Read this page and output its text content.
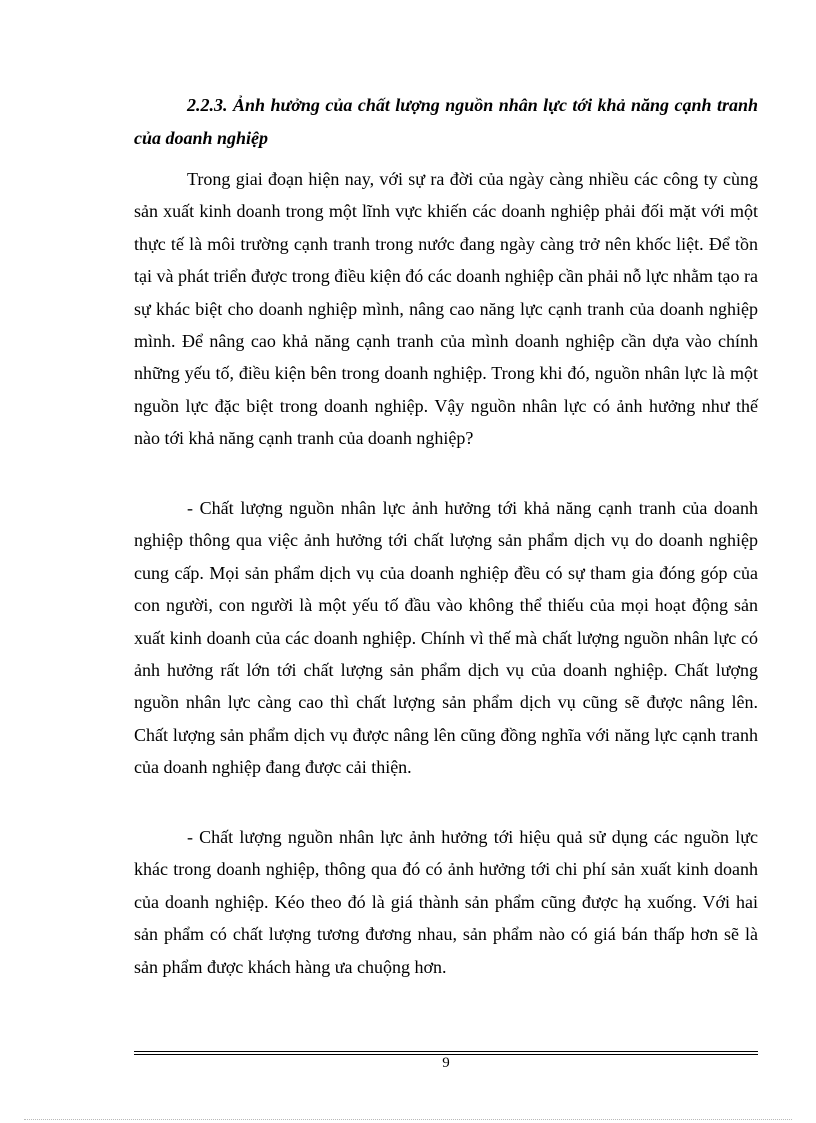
2.2.3. Ảnh hưởng của chất lượng nguồn nhân lực tới khả năng cạnh tranh của doanh nghiệp

Trong giai đoạn hiện nay, với sự ra đời của ngày càng nhiều các công ty cùng sản xuất kinh doanh trong một lĩnh vực khiến các doanh nghiệp phải đối mặt với một thực tế là môi trường cạnh tranh trong nước đang ngày càng trở nên khốc liệt. Để tồn tại và phát triển được trong điều kiện đó các doanh nghiệp cần phải nỗ lực nhằm tạo ra sự khác biệt cho doanh nghiệp mình, nâng cao năng lực cạnh tranh của doanh nghiệp mình. Để nâng cao khả năng cạnh tranh của mình doanh nghiệp cần dựa vào chính những yếu tố, điều kiện bên trong doanh nghiệp. Trong khi đó, nguồn nhân lực là một nguồn lực đặc biệt trong doanh nghiệp. Vậy nguồn nhân lực có ảnh hưởng như thế nào tới khả năng cạnh tranh của doanh nghiệp?

- Chất lượng nguồn nhân lực ảnh hưởng tới khả năng cạnh tranh của doanh nghiệp thông qua việc ảnh hưởng tới chất lượng sản phẩm dịch vụ do doanh nghiệp cung cấp. Mọi sản phẩm dịch vụ của doanh nghiệp đều có sự tham gia đóng góp của con người, con người là một yếu tố đầu vào không thể thiếu của mọi hoạt động sản xuất kinh doanh của các doanh nghiệp. Chính vì thế mà chất lượng nguồn nhân lực có ảnh hưởng rất lớn tới chất lượng sản phẩm dịch vụ của doanh nghiệp. Chất lượng nguồn nhân lực càng cao thì chất lượng sản phẩm dịch vụ cũng sẽ được nâng lên. Chất lượng sản phẩm dịch vụ được nâng lên cũng đồng nghĩa với năng lực cạnh tranh của doanh nghiệp đang được cải thiện.

- Chất lượng nguồn nhân lực ảnh hưởng tới hiệu quả sử dụng các nguồn lực khác trong doanh nghiệp, thông qua đó có ảnh hưởng tới chi phí sản xuất kinh doanh của doanh nghiệp. Kéo theo đó là giá thành sản phẩm cũng được hạ xuống. Với hai sản phẩm có chất lượng tương đương nhau, sản phẩm nào có giá bán thấp hơn sẽ là sản phẩm được khách hàng ưa chuộng hơn.

9
